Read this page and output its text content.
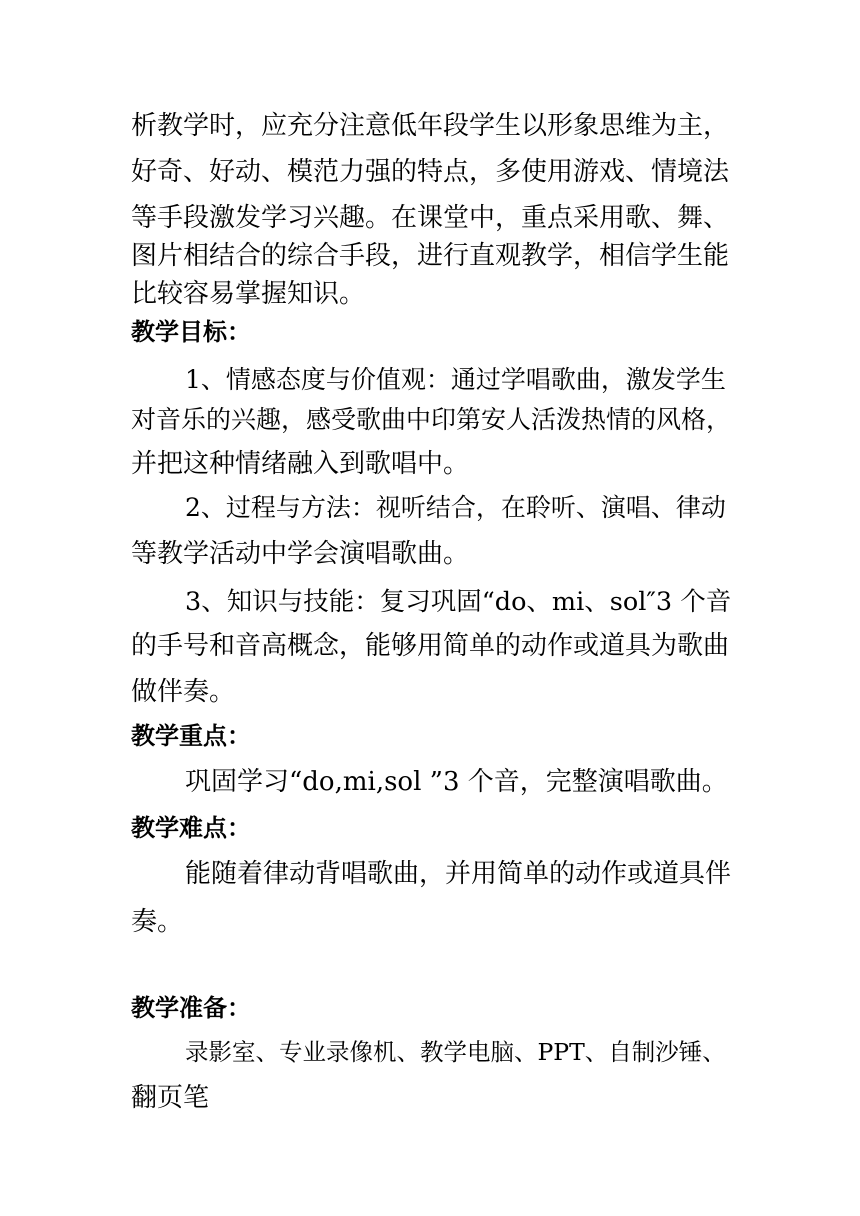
析教学时，应充分注意低年段学生以形象思维为主，
好奇、好动、模范力强的特点，多使用游戏、情境法
等手段激发学习兴趣。在课堂中，重点采用歌、舞、
图片相结合的综合手段，进行直观教学，相信学生能
比较容易掌握知识。
教学目标：
1、情感态度与价值观：通过学唱歌曲，激发学生
对音乐的兴趣，感受歌曲中印第安人活泼热情的风格，
并把这种情绪融入到歌唱中。
2、过程与方法：视听结合，在聆听、演唱、律动
等教学活动中学会演唱歌曲。
3、知识与技能：复习巩固“do、mi、sol″3 个音
的手号和音高概念，能够用简单的动作或道具为歌曲
做伴奏。
教学重点：
巩固学习“do,mi,sol ”3 个音，完整演唱歌曲。
教学难点：
能随着律动背唱歌曲，并用简单的动作或道具伴
奏。
教学准备：
录影室、专业录像机、教学电脑、PPT、自制沙锤、
翻页笔
